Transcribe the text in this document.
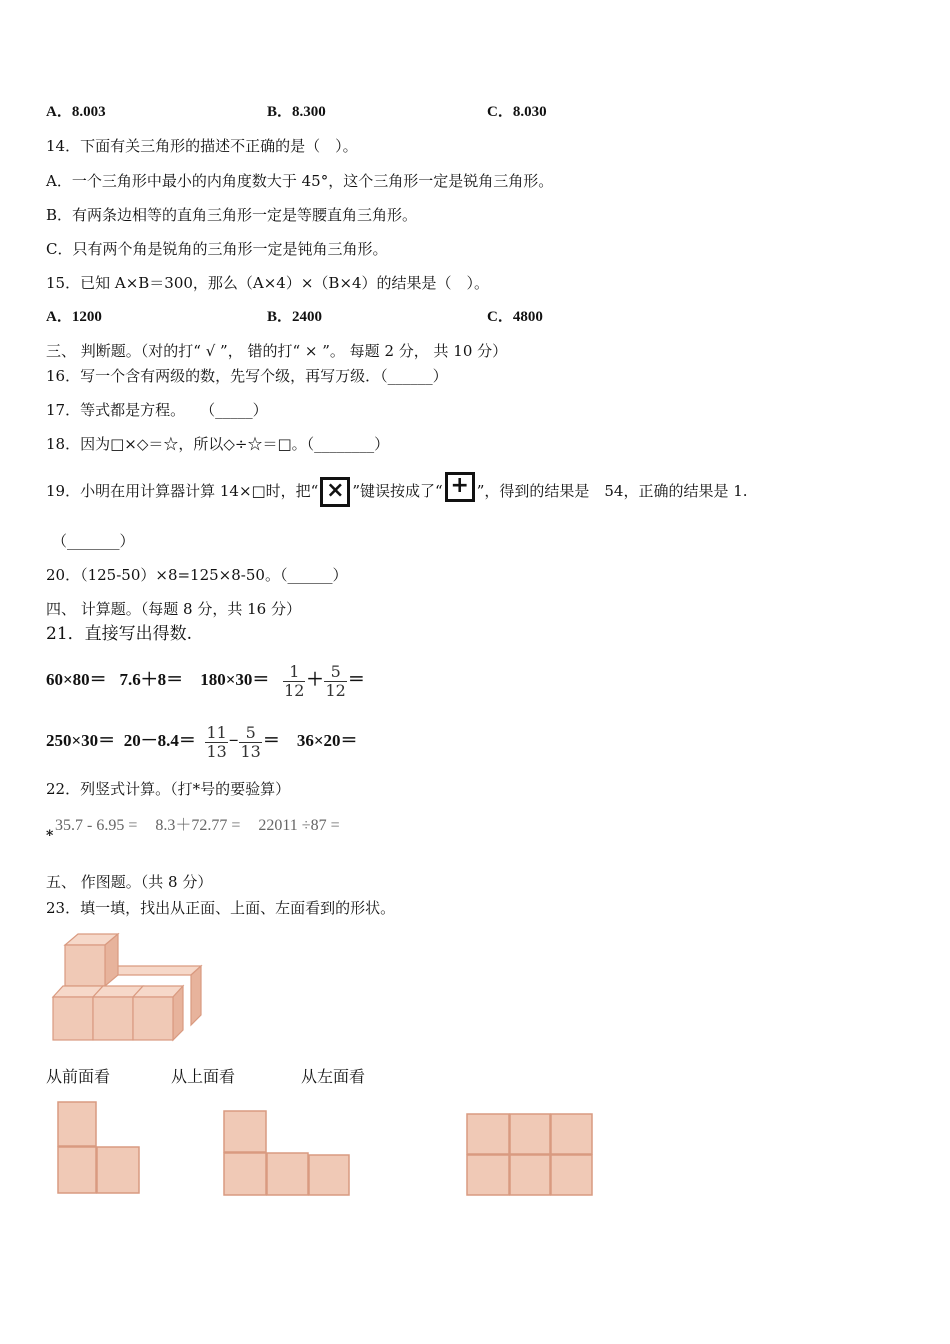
A．8.003	B．8.300	C．8.030
14．下面有关三角形的描述不正确的是（　）。
A．一个三角形中最小的内角度数大于 45°，这个三角形一定是锐角三角形。
B．有两条边相等的直角三角形一定是等腰直角三角形。
C．只有两个角是锐角的三角形一定是钝角三角形。
15．已知 A×B＝300，那么（A×4）×（B×4）的结果是（　）。
A．1200	B．2400	C．4800
三、 判断题。（对的打“ √ ”， 错的打“ × ”。 每题 2 分， 共 10 分）
16．写一个含有两级的数，先写个级，再写万级．（______）
17．等式都是方程。　　（_____）
18．因为□×◇＝☆，所以◇÷☆＝□。（________）
19．小明在用计算器计算 14×□时，把“ × ”键误按成了“ + ”，得到的结果是　54，正确的结果是 1.
（_______）
20．（125-50）×8=125×8-50。（______）
四、 计算题。（每题 8 分，共 16 分）
21．直接写出得数.
$60\times 80= 7.6+8= 180\times 30= \frac{1}{12} + \frac{5}{12}$ ＝
$250\times 30= 20-8.4= \frac{11}{13} - \frac{5}{13} = 36\times 20=$
22．列竖式计算。（打*号的要验算）
35.7 - 6.95 = 8.3＋72.77 = 22011 ÷87 =
*
五、 作图题。（共 8 分）
23．填一填，找出从正面、上面、左面看到的形状。
从前面看	从上面看	从左面看
